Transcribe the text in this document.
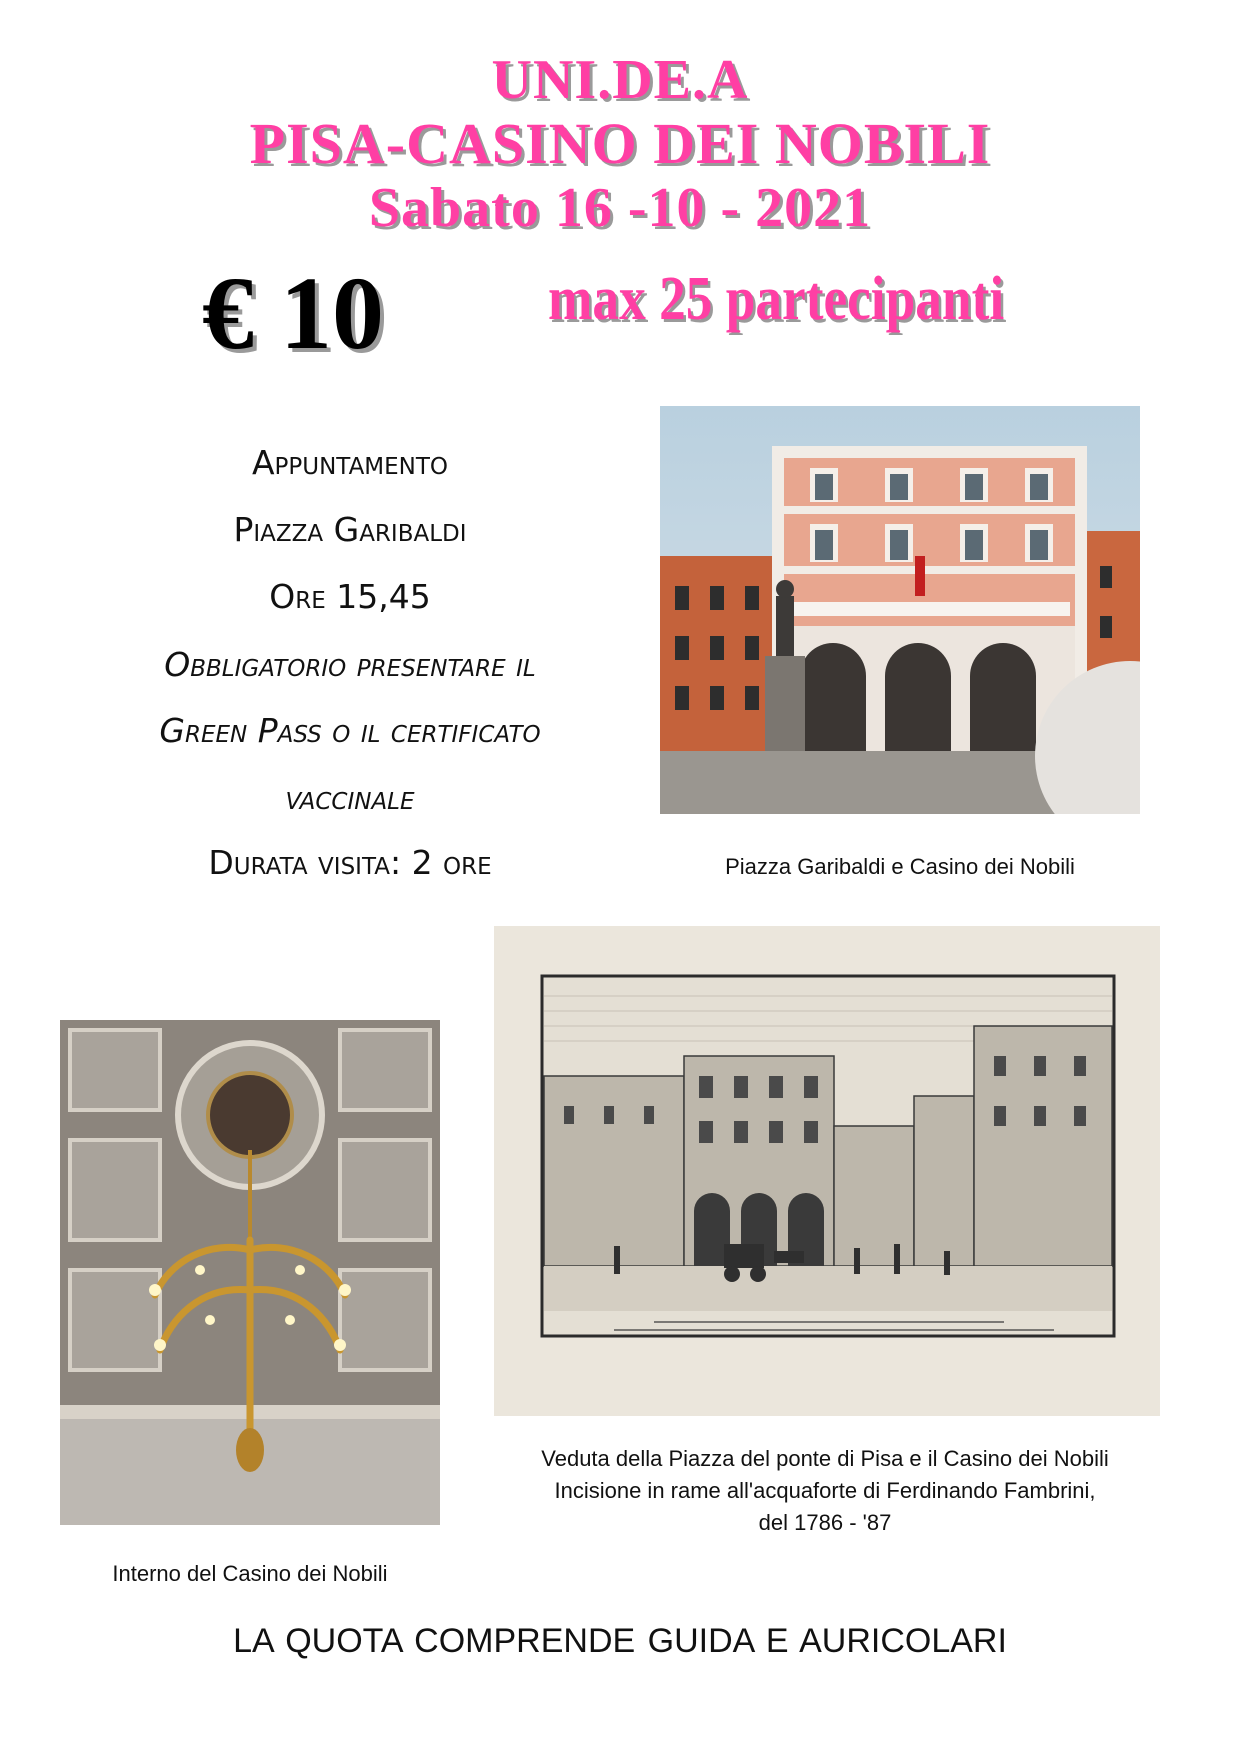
UNI.DE.A
PISA-CASINO DEI NOBILI
Sabato 16 -10 - 2021
€ 10	max 25 partecipanti
Appuntamento
Piazza Garibaldi
Ore 15,45
Obbligatorio presentare il
Green Pass o il certificato
vaccinale
Durata visita: 2 ore	Piazza Garibaldi e Casino dei Nobili
Interno del Casino dei Nobili
Veduta della Piazza del ponte di Pisa e il Casino dei Nobili
Incisione in rame all'acquaforte di Ferdinando Fambrini,
del 1786 - '87
LA QUOTA COMPRENDE GUIDA E AURICOLARI
